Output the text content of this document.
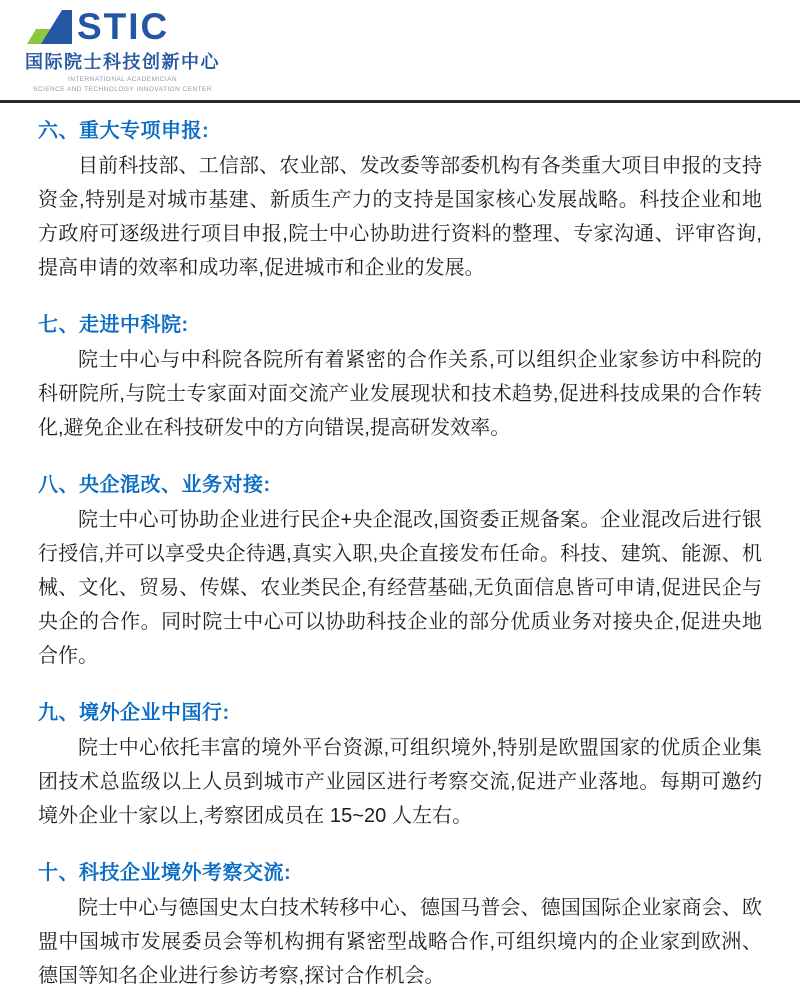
STIC
国际院士科技创新中心
INTERNATIONAL ACADEMICIAN
SCIENCE AND TECHNOLOGY INNOVATION CENTER
六、重大专项申报:

目前科技部、工信部、农业部、发改委等部委机构有各类重大项目申报的支持资金,特别是对城市基建、新质生产力的支持是国家核心发展战略。科技企业和地方政府可逐级进行项目申报,院士中心协助进行资料的整理、专家沟通、评审咨询,提高申请的效率和成功率,促进城市和企业的发展。

七、走进中科院:

院士中心与中科院各院所有着紧密的合作关系,可以组织企业家参访中科院的科研院所,与院士专家面对面交流产业发展现状和技术趋势,促进科技成果的合作转化,避免企业在科技研发中的方向错误,提高研发效率。

八、央企混改、业务对接:

院士中心可协助企业进行民企+央企混改,国资委正规备案。企业混改后进行银行授信,并可以享受央企待遇,真实入职,央企直接发布任命。科技、建筑、能源、机械、文化、贸易、传媒、农业类民企,有经营基础,无负面信息皆可申请,促进民企与央企的合作。同时院士中心可以协助科技企业的部分优质业务对接央企,促进央地合作。

九、境外企业中国行:

院士中心依托丰富的境外平台资源,可组织境外,特别是欧盟国家的优质企业集团技术总监级以上人员到城市产业园区进行考察交流,促进产业落地。每期可邀约境外企业十家以上,考察团成员在 15~20 人左右。

十、科技企业境外考察交流:

院士中心与德国史太白技术转移中心、德国马普会、德国国际企业家商会、欧盟中国城市发展委员会等机构拥有紧密型战略合作,可组织境内的企业家到欧洲、德国等知名企业进行参访考察,探讨合作机会。
